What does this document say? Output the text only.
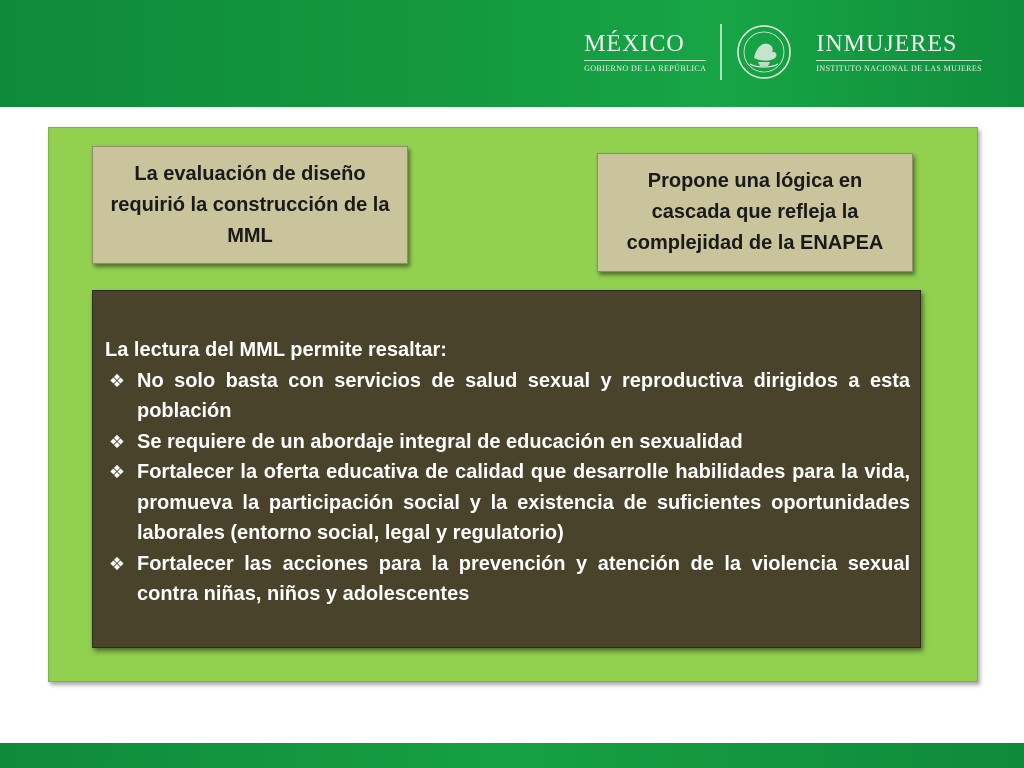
MÉXICO
GOBIERNO DE LA REPÚBLICA
INMUJERES
INSTITUTO NACIONAL DE LAS MUJERES
La evaluación de diseño requirió la construcción de la MML
Propone una lógica en cascada que refleja la complejidad de la ENAPEA

La lectura del MML permite resaltar:

❖ No solo basta con servicios de salud sexual y reproductiva dirigidos a esta población
❖ Se requiere de un abordaje integral de educación en sexualidad
❖ Fortalecer la oferta educativa de calidad que desarrolle habilidades para la vida, promueva la participación social y la existencia de suficientes oportunidades laborales (entorno social, legal y regulatorio)
❖ Fortalecer las acciones para la prevención y atención de la violencia sexual contra niñas, niños y adolescentes
